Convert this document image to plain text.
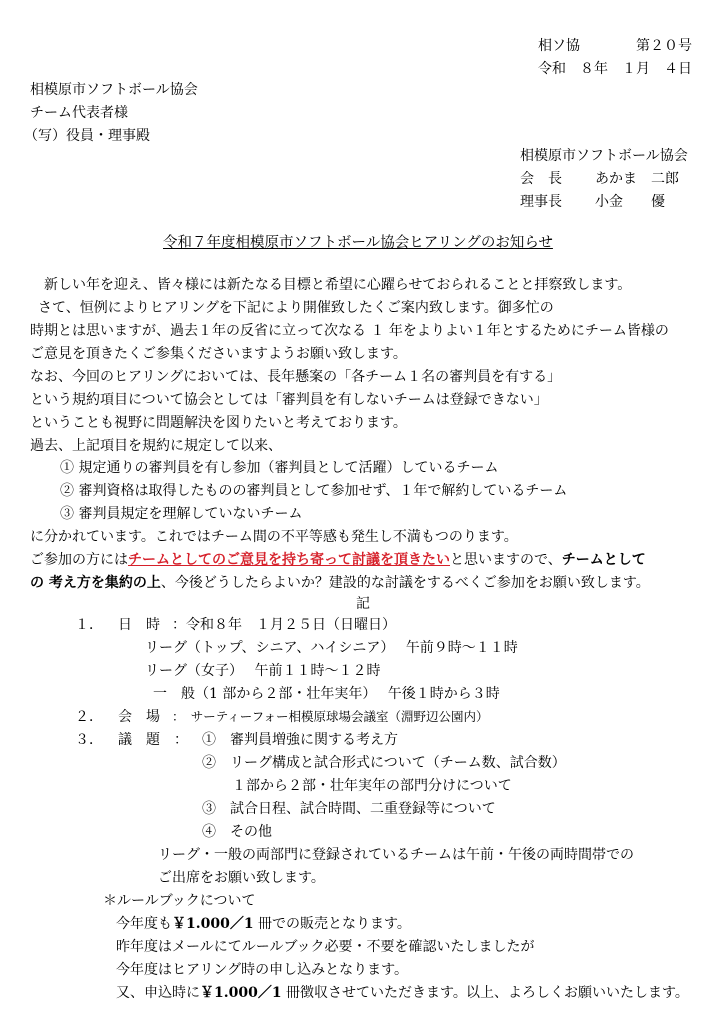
相ソ協	第２０号
令和　８年　１月　４日
相模原市ソフトボール協会
チーム代表者様
（写）役員・理事殿
相模原市ソフトボール協会
会　長 あかま　二郎
理事長 小金　　優
令和７年度相模原市ソフトボール協会ヒアリングのお知らせ
新しい年を迎え、皆々様には新たなる目標と希望に心躍らせておられることと拝察致します。
さて、恒例によりヒアリングを下記により開催致したくご案内致します。御多忙の
時期とは思いますが、過去１年の反省に立って次なる １ 年をよりよい１年とするためにチーム皆様の
ご意見を頂きたくご参集くださいますようお願い致します。
なお、今回のヒアリングにおいては、長年懸案の「各チーム１名の審判員を有する」
という規約項目について協会としては「審判員を有しないチームは登録できない」
ということも視野に問題解決を図りたいと考えております。
過去、上記項目を規約に規定して以来、
① 規定通りの審判員を有し参加（審判員として活躍）しているチーム
② 審判資格は取得したものの審判員として参加せず、１年で解約しているチーム
③ 審判員規定を理解していないチーム
に分かれています。これではチーム間の不平等感も発生し不満もつのります。
ご参加の方にはチームとしてのご意見を持ち寄って討議を頂きたいと思いますので、チームとして
の 考え方を集約の上、今後どうしたらよいか？建設的な討議をするべくご参加をお願い致します。
記
１． 日　時 ：令和８年　１月２５日（日曜日）
リーグ（トップ、シニア、ハイシニア）　 午前９時～１１時
リーグ（女子）　 午前１１時～１２時
一　般（1 部から２部・壮年実年）　 午後１時から３時
２． 会　場 ：　サーティーフォー相模原球場会議室（淵野辺公園内）
３． 議　題　： ①　審判員増強に関する考え方
②　リーグ構成と試合形式について（チーム数、試合数）
１部から２部・壮年実年の部門分けについて
③　試合日程、試合時間、二重登録等について
④　その他
リーグ・一般の両部門に登録されているチームは午前・午後の両時間帯での
ご出席をお願い致します。
＊ルールブックについて
今年度も￥1.000／1 冊での販売となります。
昨年度はメールにてルールブック必要・不要を確認いたしましたが
今年度はヒアリング時の申し込みとなります。
又、申込時に￥1.000／1 冊徴収させていただきます。 以上、よろしくお願いいたします。
